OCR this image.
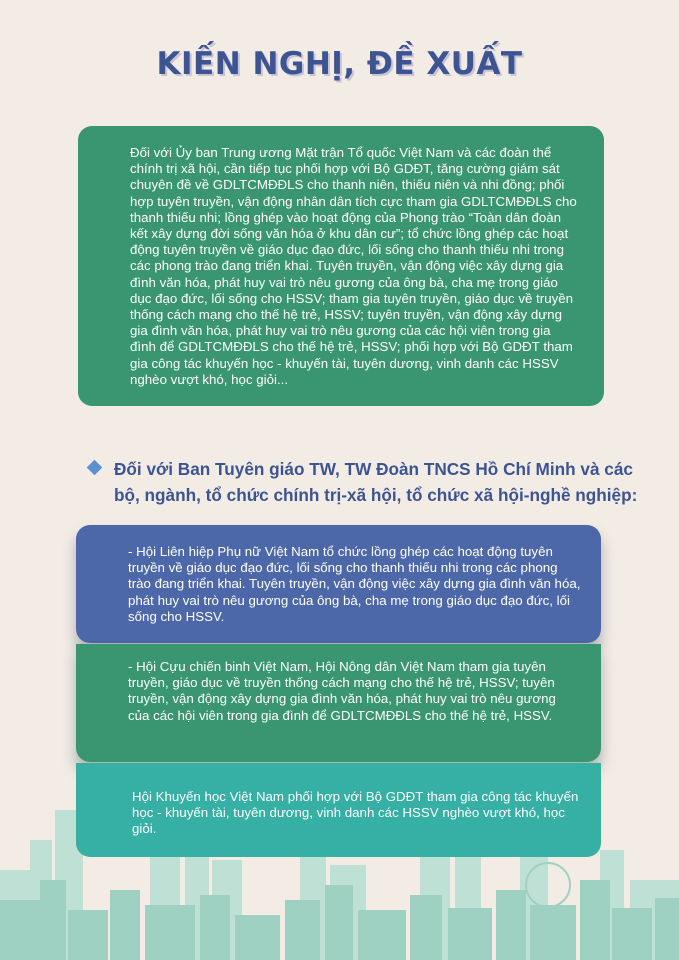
KIẾN NGHỊ, ĐỀ XUẤT
Đối với Ủy ban Trung ương Mặt trận Tổ quốc Việt Nam và các đoàn thể chính trị xã hội, cần tiếp tục phối hợp với Bộ GDĐT, tăng cường giám sát chuyên đề về GDLTCMĐĐLS cho thanh niên, thiếu niên và nhi đồng; phối hợp tuyên truyền, vận động nhân dân tích cực tham gia GDLTCMĐĐLS cho thanh thiếu nhi; lồng ghép vào hoạt động của Phong trào “Toàn dân đoàn kết xây dựng đời sống văn hóa ở khu dân cư”; tổ chức lồng ghép các hoạt động tuyên truyền về giáo dục đạo đức, lối sống cho thanh thiếu nhi trong các phong trào đang triển khai. Tuyên truyền, vận động việc xây dựng gia đình văn hóa, phát huy vai trò nêu gương của ông bà, cha mẹ trong giáo dục đạo đức, lối sống cho HSSV; tham gia tuyên truyền, giáo dục về truyền thống cách mạng cho thế hệ trẻ, HSSV; tuyên truyền, vận động xây dựng gia đình văn hóa, phát huy vai trò nêu gương của các hội viên trong gia đình để GDLTCMĐĐLS cho thế hệ trẻ, HSSV; phối hợp với Bộ GDĐT tham gia công tác khuyến học - khuyến tài, tuyên dương, vinh danh các HSSV nghèo vượt khó, học giỏi...
Đối với Ban Tuyên giáo TW, TW Đoàn TNCS Hồ Chí Minh và các bộ, ngành, tổ chức chính trị-xã hội, tổ chức xã hội-nghề nghiệp:
- Hội Liên hiệp Phụ nữ Việt Nam tổ chức lồng ghép các hoạt động tuyên truyền về giáo dục đạo đức, lối sống cho thanh thiếu nhi trong các phong trào đang triển khai. Tuyên truyền, vận động việc xây dựng gia đình văn hóa, phát huy vai trò nêu gương của ông bà, cha mẹ trong giáo dục đạo đức, lối sống cho HSSV.
- Hội Cựu chiến binh Việt Nam, Hội Nông dân Việt Nam tham gia tuyên truyền, giáo dục về truyền thống cách mạng cho thế hệ trẻ, HSSV; tuyên truyền, vận động xây dựng gia đình văn hóa, phát huy vai trò nêu gương của các hội viên trong gia đình để GDLTCMĐĐLS cho thế hệ trẻ, HSSV.
Hội Khuyến học Việt Nam phối hợp với Bộ GDĐT tham gia công tác khuyến học - khuyến tài, tuyên dương, vinh danh các HSSV nghèo vượt khó, học giỏi.
